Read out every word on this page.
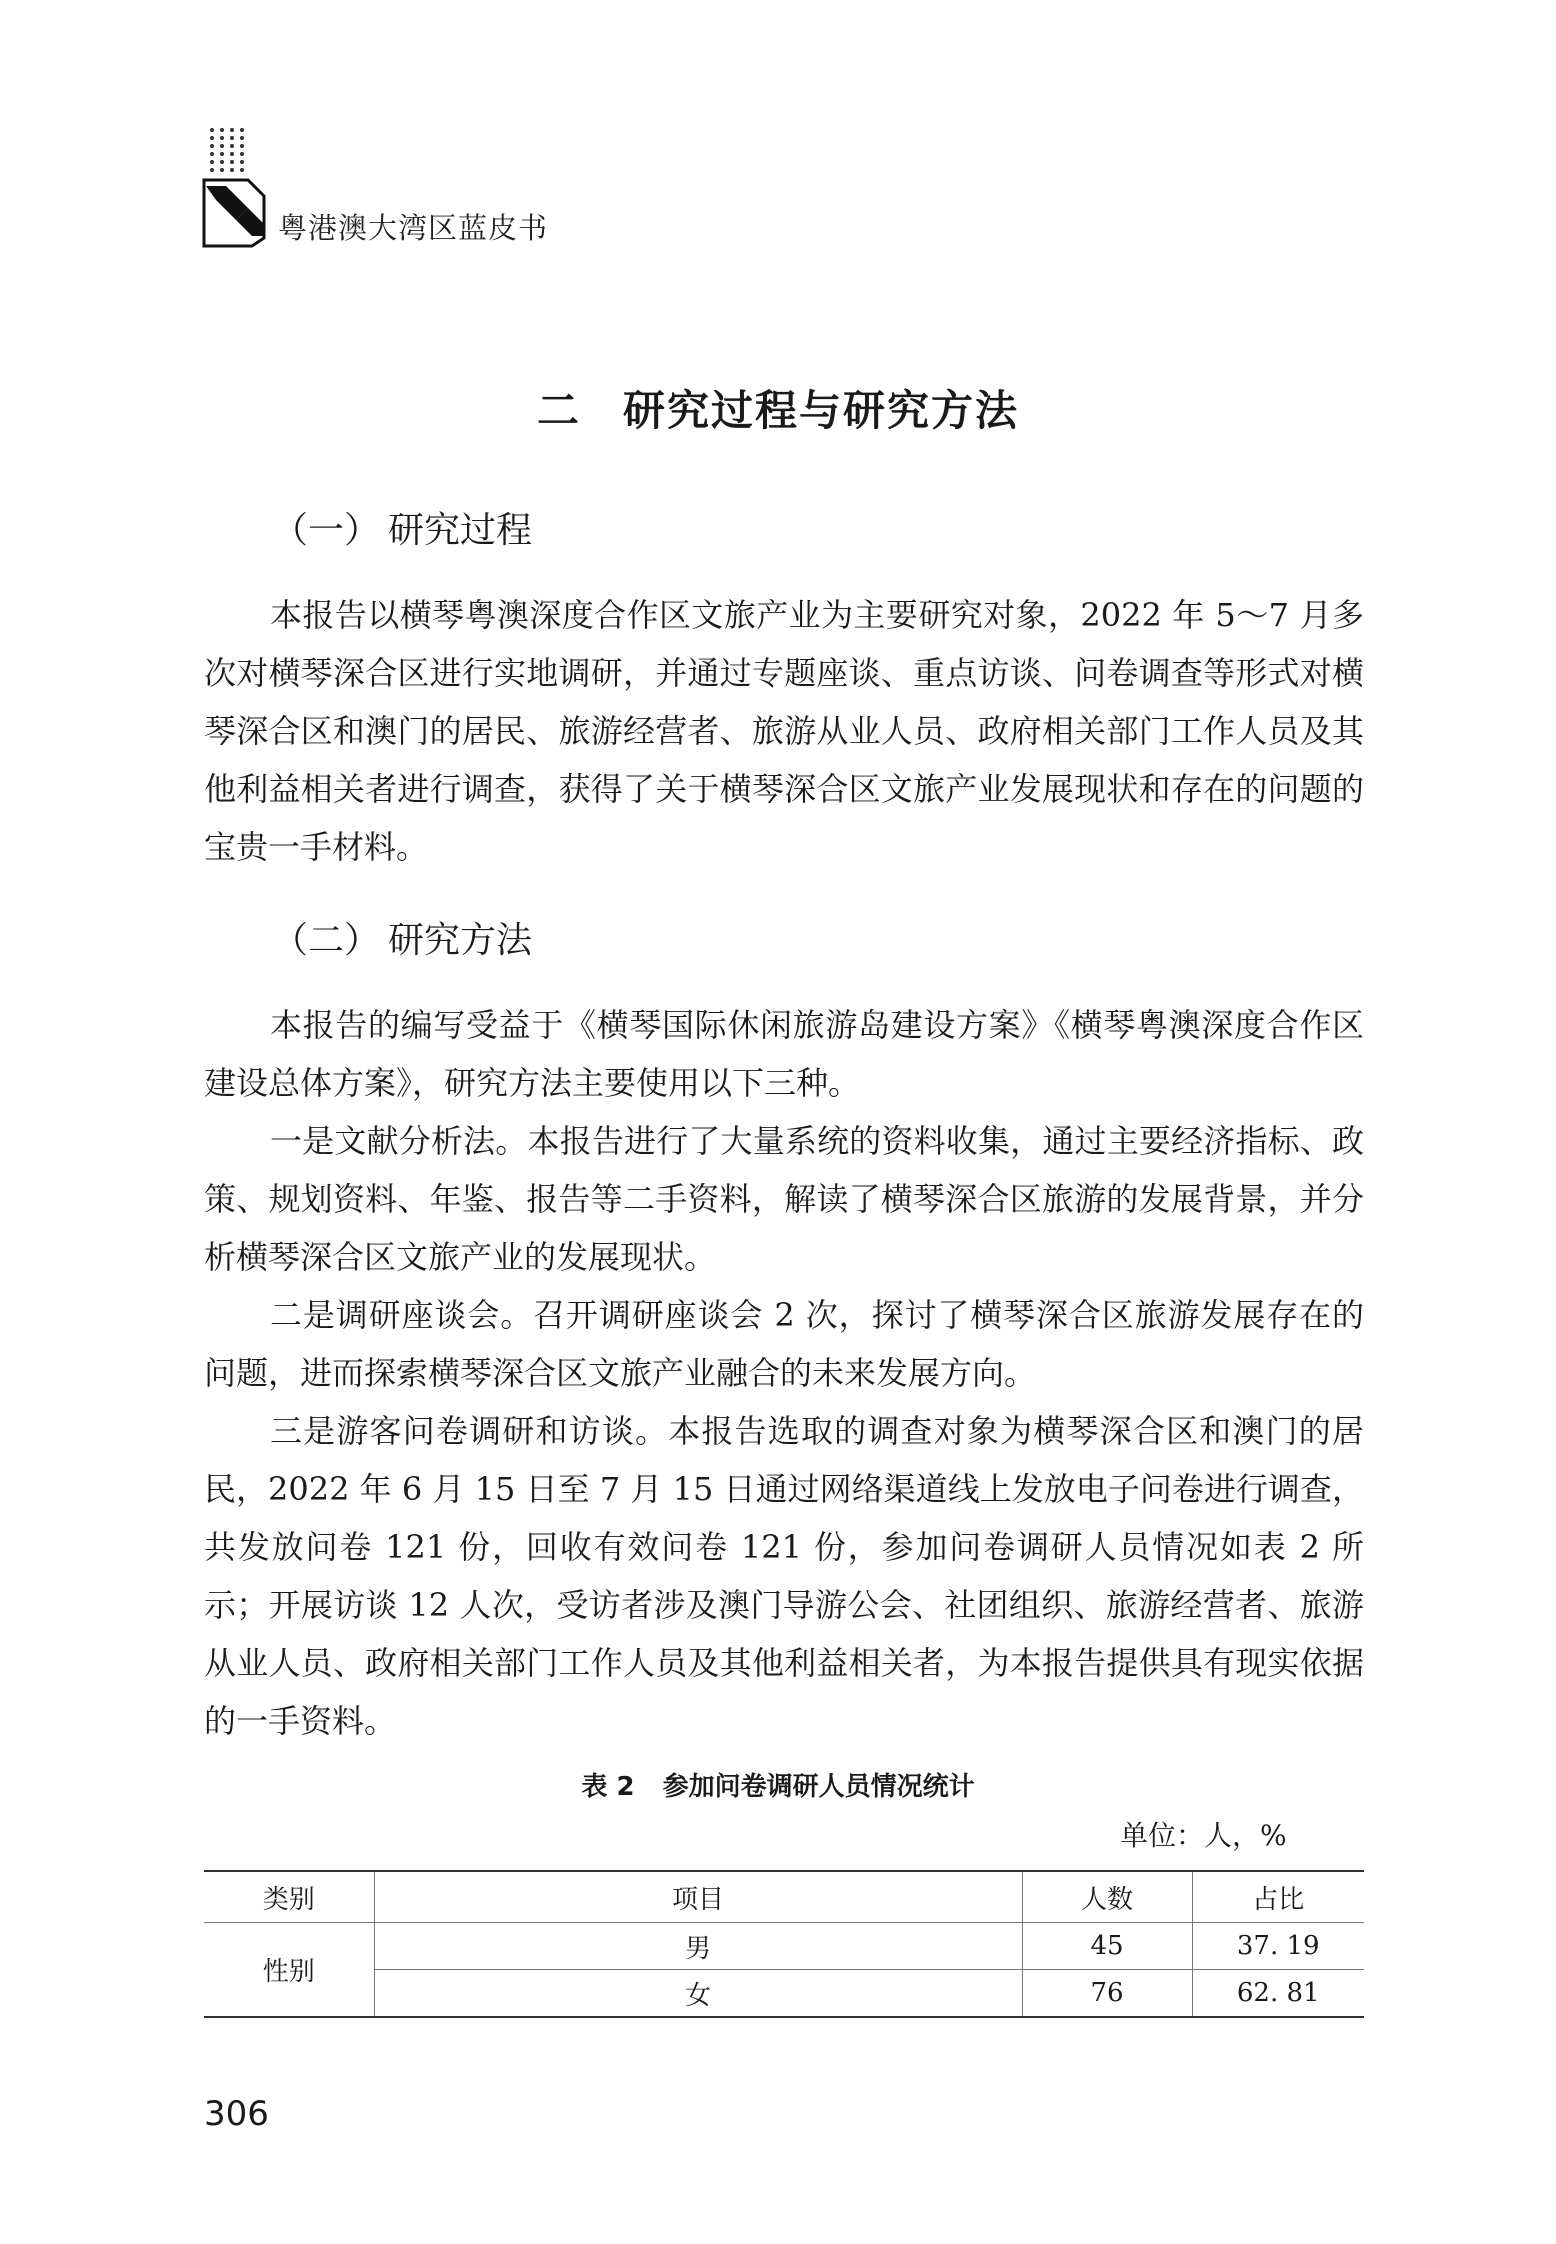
粤港澳大湾区蓝皮书
二 研究过程与研究方法
（一） 研究过程

本报告以横琴粤澳深度合作区文旅产业为主要研究对象，2022 年 5～7 月多次对横琴深合区进行实地调研，并通过专题座谈、重点访谈、问卷调查等形式对横琴深合区和澳门的居民、旅游经营者、旅游从业人员、政府相关部门工作人员及其他利益相关者进行调查，获得了关于横琴深合区文旅产业发展现状和存在的问题的宝贵一手材料。

（二） 研究方法

本报告的编写受益于《横琴国际休闲旅游岛建设方案》《横琴粤澳深度合作区建设总体方案》，研究方法主要使用以下三种。

一是文献分析法。本报告进行了大量系统的资料收集，通过主要经济指标、政策、规划资料、年鉴、报告等二手资料，解读了横琴深合区旅游的发展背景，并分析横琴深合区文旅产业的发展现状。

二是调研座谈会。召开调研座谈会 2 次，探讨了横琴深合区旅游发展存在的问题，进而探索横琴深合区文旅产业融合的未来发展方向。

三是游客问卷调研和访谈。本报告选取的调查对象为横琴深合区和澳门的居民，2022 年 6 月 15 日至 7 月 15 日通过网络渠道线上发放电子问卷进行调查，共发放问卷 121 份，回收有效问卷 121 份，参加问卷调研人员情况如表 2 所示；开展访谈 12 人次，受访者涉及澳门导游公会、社团组织、旅游经营者、旅游从业人员、政府相关部门工作人员及其他利益相关者，为本报告提供具有现实依据的一手资料。

表 2 参加问卷调研人员情况统计
单位：人，%
类别	项目	人数	占比
性别	男	45	37. 19
	女	76	62. 81
306
